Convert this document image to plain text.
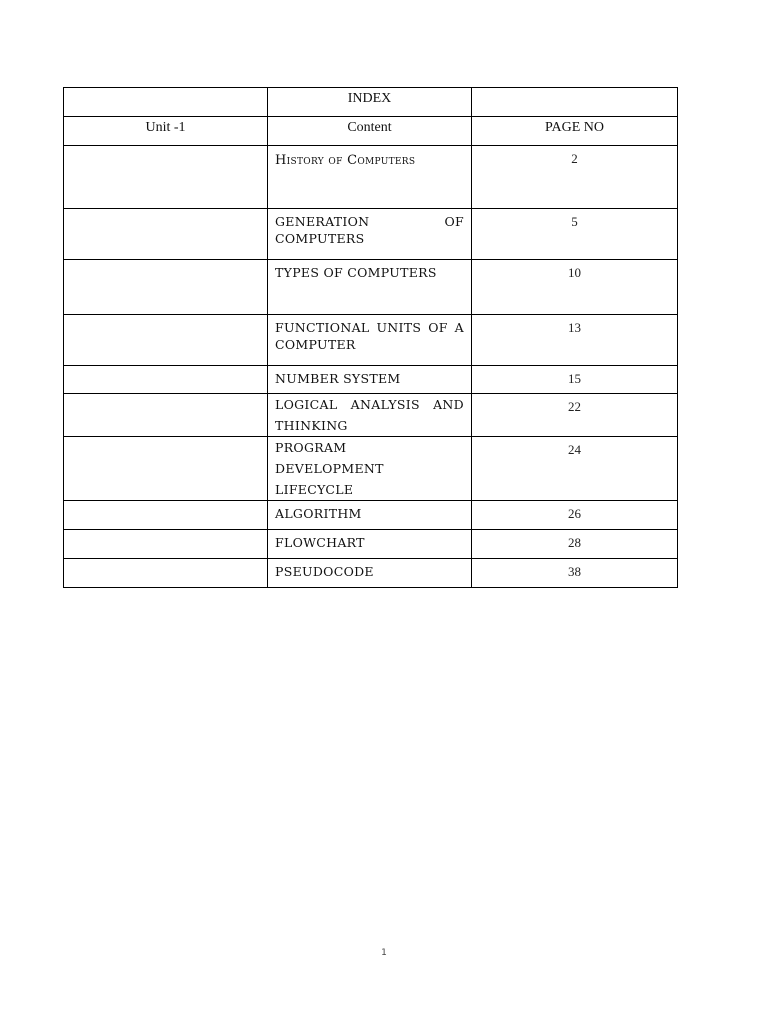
	INDEX	
Unit -1	Content	PAGE NO

	History of Computers	2

	GENERATION OF COMPUTERS	5

	TYPES OF COMPUTERS	10

	FUNCTIONAL UNITS OF A COMPUTER	13

	NUMBER SYSTEM	15

	LOGICAL ANALYSIS AND THINKING	22

	PROGRAM DEVELOPMENT LIFECYCLE	24

	ALGORITHM	26

	FLOWCHART	28

	PSEUDOCODE	38
1
